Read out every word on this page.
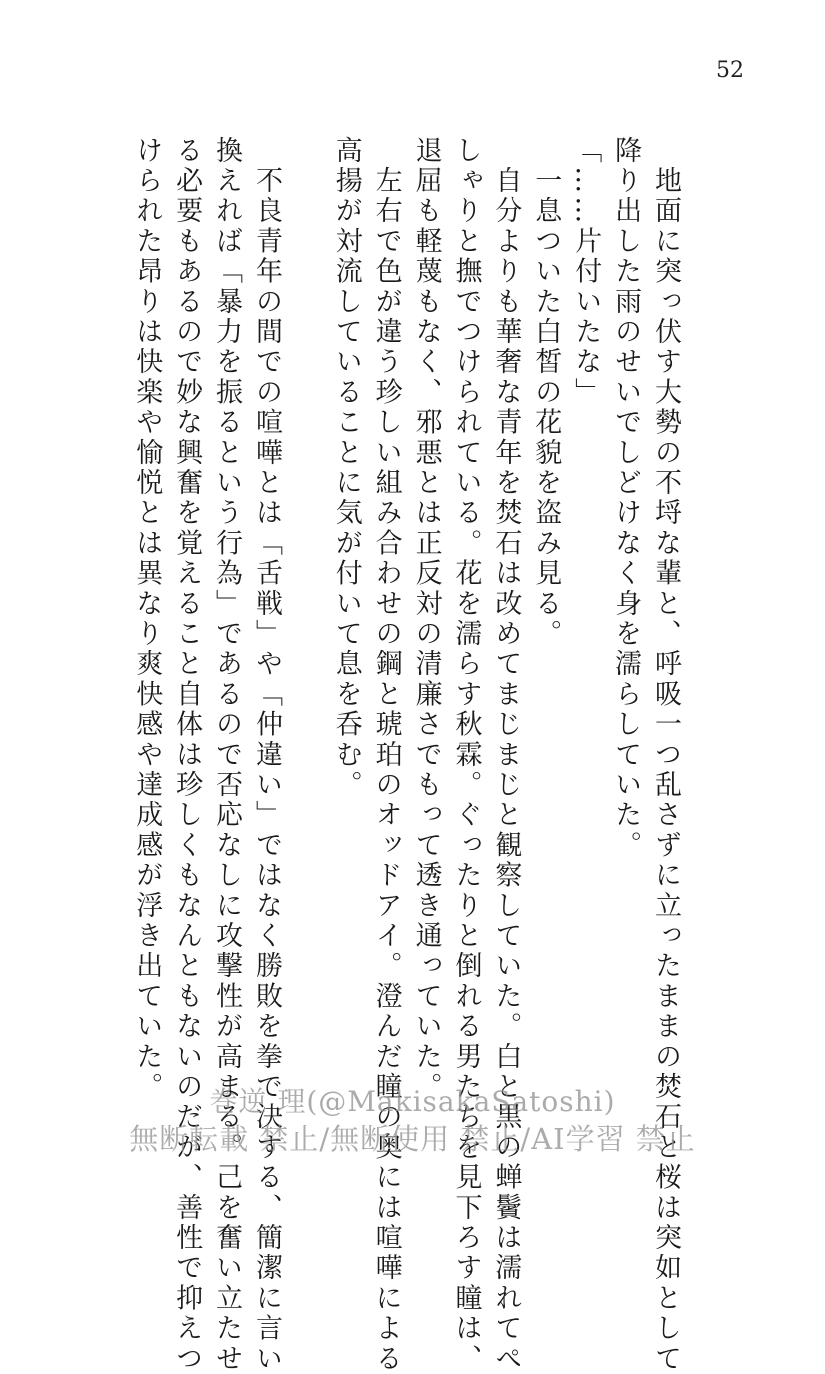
52

　地面に突っ伏す大勢の不埒な輩と、呼吸一つ乱さずに立ったままの焚石と桜は突如として

降り出した雨のせいでしどけなく身を濡らしていた。

「……片付いたな」

　一息ついた白皙の花貌を盗み見る。

　自分よりも華奢な青年を焚石は改めてまじまじと観察していた。白と黒の蝉鬢は濡れてぺ

しゃりと撫でつけられている。花を濡らす秋霖。ぐったりと倒れる男たちを見下ろす瞳は、

退屈も軽蔑もなく、邪悪とは正反対の清廉さでもって透き通っていた。

　左右で色が違う珍しい組み合わせの鋼と琥珀のオッドアイ。澄んだ瞳の奥には喧嘩による

高揚が対流していることに気が付いて息を呑む。

　不良青年の間での喧嘩とは「舌戦」や「仲違い」ではなく勝敗を拳で決する、簡潔に言い

換えれば「暴力を振るという行為」であるので否応なしに攻撃性が高まる。己を奮い立たせ

る必要もあるので妙な興奮を覚えること自体は珍しくもなんともないのだが、善性で抑えつ

けられた昂りは快楽や愉悦とは異なり爽快感や達成感が浮き出ていた。	巻逆 理(@MakisakaSatoshi)
無断転載 禁止/無断使用 禁止/AI学習 禁止
